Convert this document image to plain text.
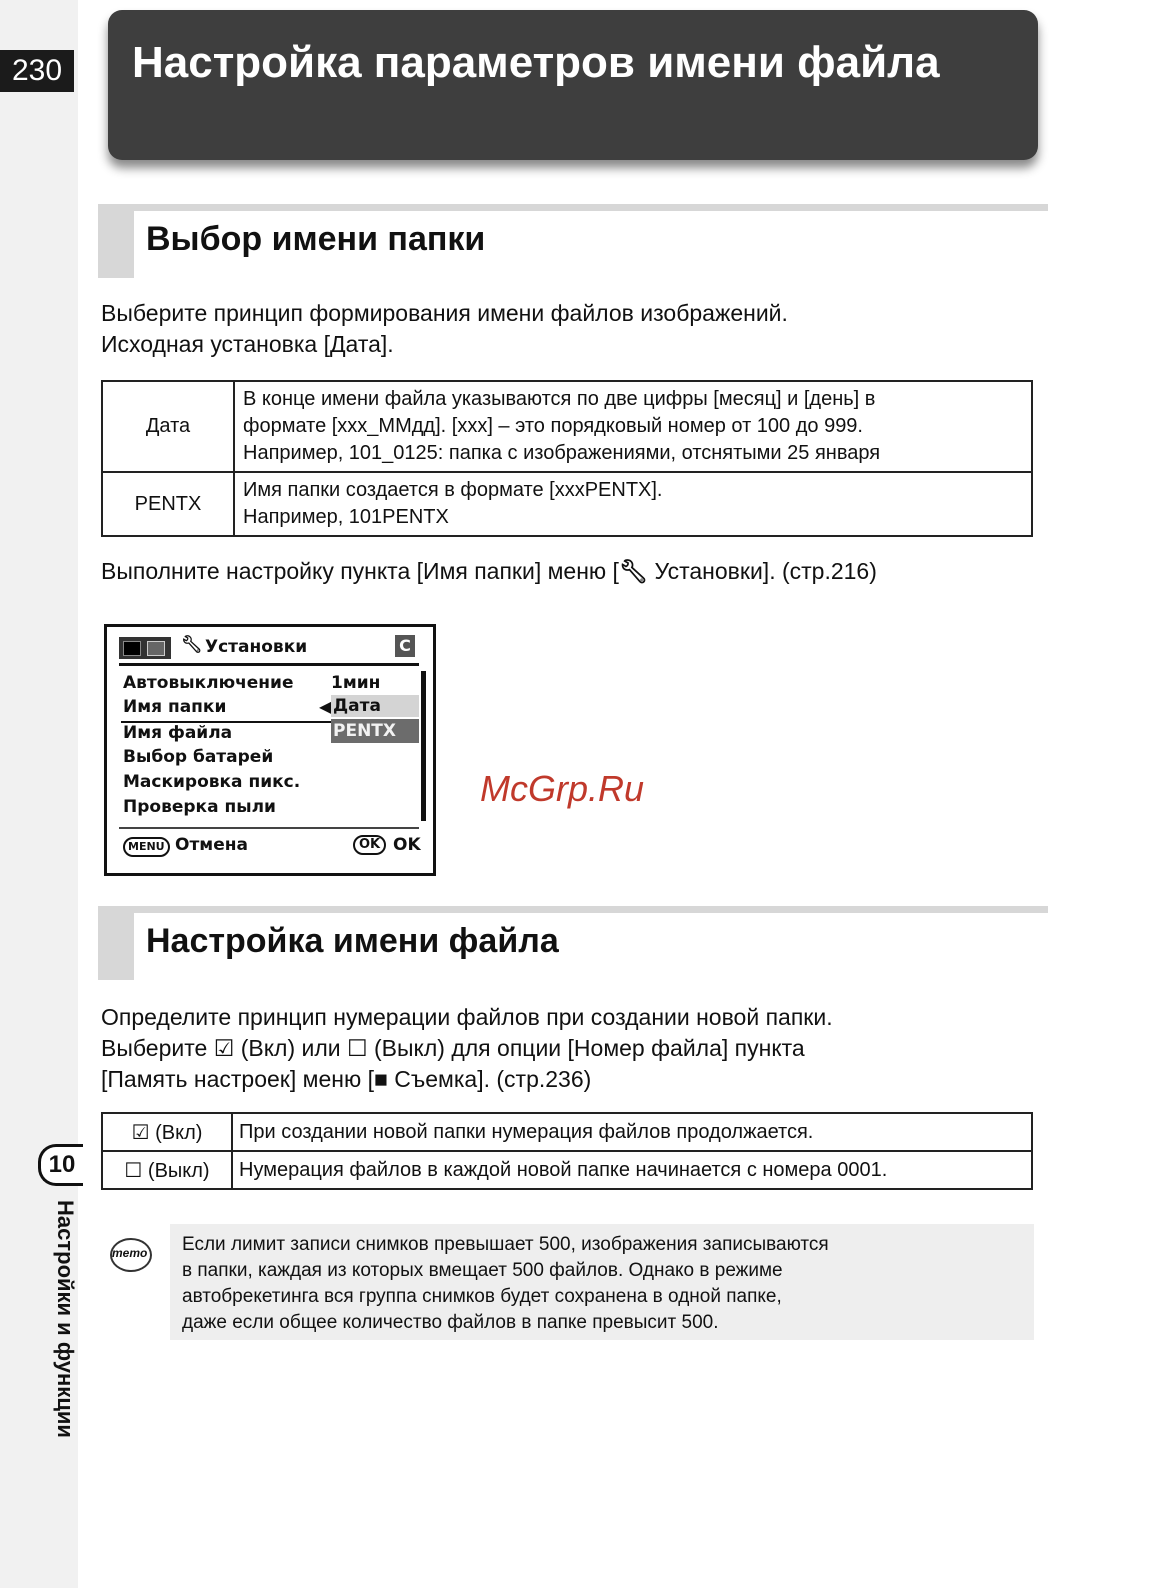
230 Настройка параметров имени файла
Выбор имени папки
Выберите принцип формирования имени файлов изображений.
Исходная установка [Дата].
Дата	В конце имени файла указываются по две цифры [месяц] и [день] в
формате [xxx_ММдд]. [xxx] – это порядковый номер от 100 до 999.
Например, 101_0125: папка с изображениями, отснятыми 25 января

PENTX	Имя папки создается в формате [xxxPENTX].
Например, 101PENTX
Выполните настройку пункта [Имя папки] меню [🔧︎ Установки]. (стр.216)
🔧︎ Установки	C
Автовыключение 1мин
Имя папки	◀ Дата
PENTX
Имя файла
Выбор батарей
Маскировка пикс.
Проверка пыли
MENU Отмена	OK OK
McGrp.Ru
Настройка имени файла
Определите принцип нумерации файлов при создании новой папки.
Выберите ☑ (Вкл) или ☐ (Выкл) для опции [Номер файла] пункта
[Память настроек] меню [■ Съемка]. (стр.236)
☑ (Вкл)	При создании новой папки нумерация файлов продолжается.
☐ (Выкл)	Нумерация файлов в каждой новой папке начинается с номера 0001.
10
Настройки и функции	memo Если лимит записи снимков превышает 500, изображения записываются
в папки, каждая из которых вмещает 500 файлов. Однако в режиме
автобрекетинга вся группа снимков будет сохранена в одной папке,
даже если общее количество файлов в папке превысит 500.
